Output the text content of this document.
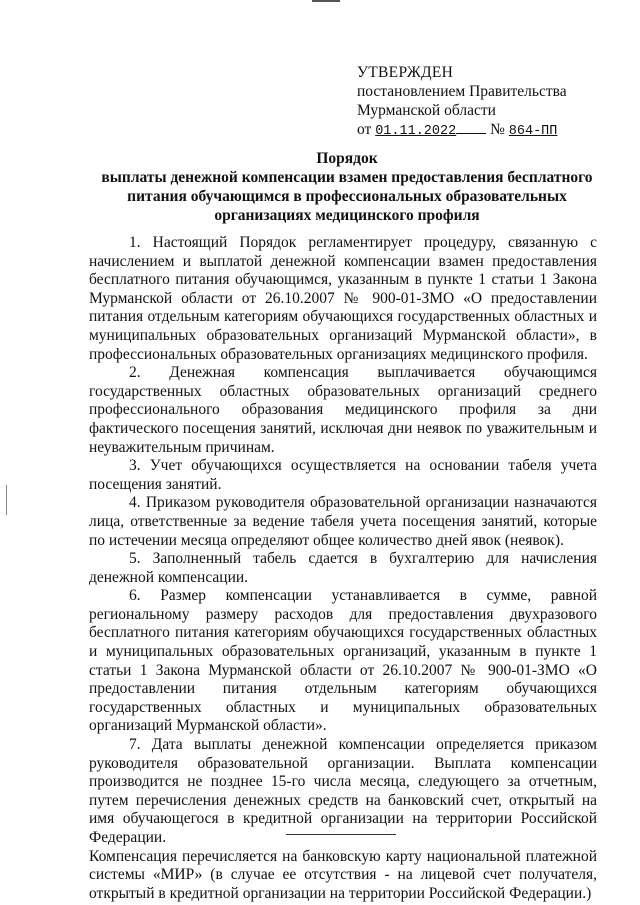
УТВЕРЖДЕН
постановлением Правительства
Мурманской области
от 01.11.2022 № 864-ПП
Порядок
выплаты денежной компенсации взамен предоставления бесплатного питания обучающимся в профессиональных образовательных организациях медицинского профиля

1. Настоящий Порядок регламентирует процедуру, связанную с начислением и выплатой денежной компенсации взамен предоставления бесплатного питания обучающимся, указанным в пункте 1 статьи 1 Закона Мурманской области от 26.10.2007 № 900-01-ЗМО «О предоставлении питания отдельным категориям обучающихся государственных областных и муниципальных образовательных организаций Мурманской области», в профессиональных образовательных организациях медицинского профиля.

2. Денежная компенсация выплачивается обучающимся государственных областных образовательных организаций среднего профессионального образования медицинского профиля за дни фактического посещения занятий, исключая дни неявок по уважительным и неуважительным причинам.

3. Учет обучающихся осуществляется на основании табеля учета посещения занятий.

4. Приказом руководителя образовательной организации назначаются лица, ответственные за ведение табеля учета посещения занятий, которые по истечении месяца определяют общее количество дней явок (неявок).

5. Заполненный табель сдается в бухгалтерию для начисления денежной компенсации.

6. Размер компенсации устанавливается в сумме, равной региональному размеру расходов для предоставления двухразового бесплатного питания категориям обучающихся государственных областных и муниципальных образовательных организаций, указанным в пункте 1 статьи 1 Закона Мурманской области от 26.10.2007 № 900-01-ЗМО «О предоставлении питания отдельным категориям обучающихся государственных областных и муниципальных образовательных организаций Мурманской области».

7. Дата выплаты денежной компенсации определяется приказом руководителя образовательной организации. Выплата компенсации производится не позднее 15-го числа месяца, следующего за отчетным, путем перечисления денежных средств на банковский счет, открытый на имя обучающегося в кредитной организации на территории Российской Федерации.

Компенсация перечисляется на банковскую карту национальной платежной системы «МИР» (в случае ее отсутствия - на лицевой счет получателя, открытый в кредитной организации на территории Российской Федерации.)
